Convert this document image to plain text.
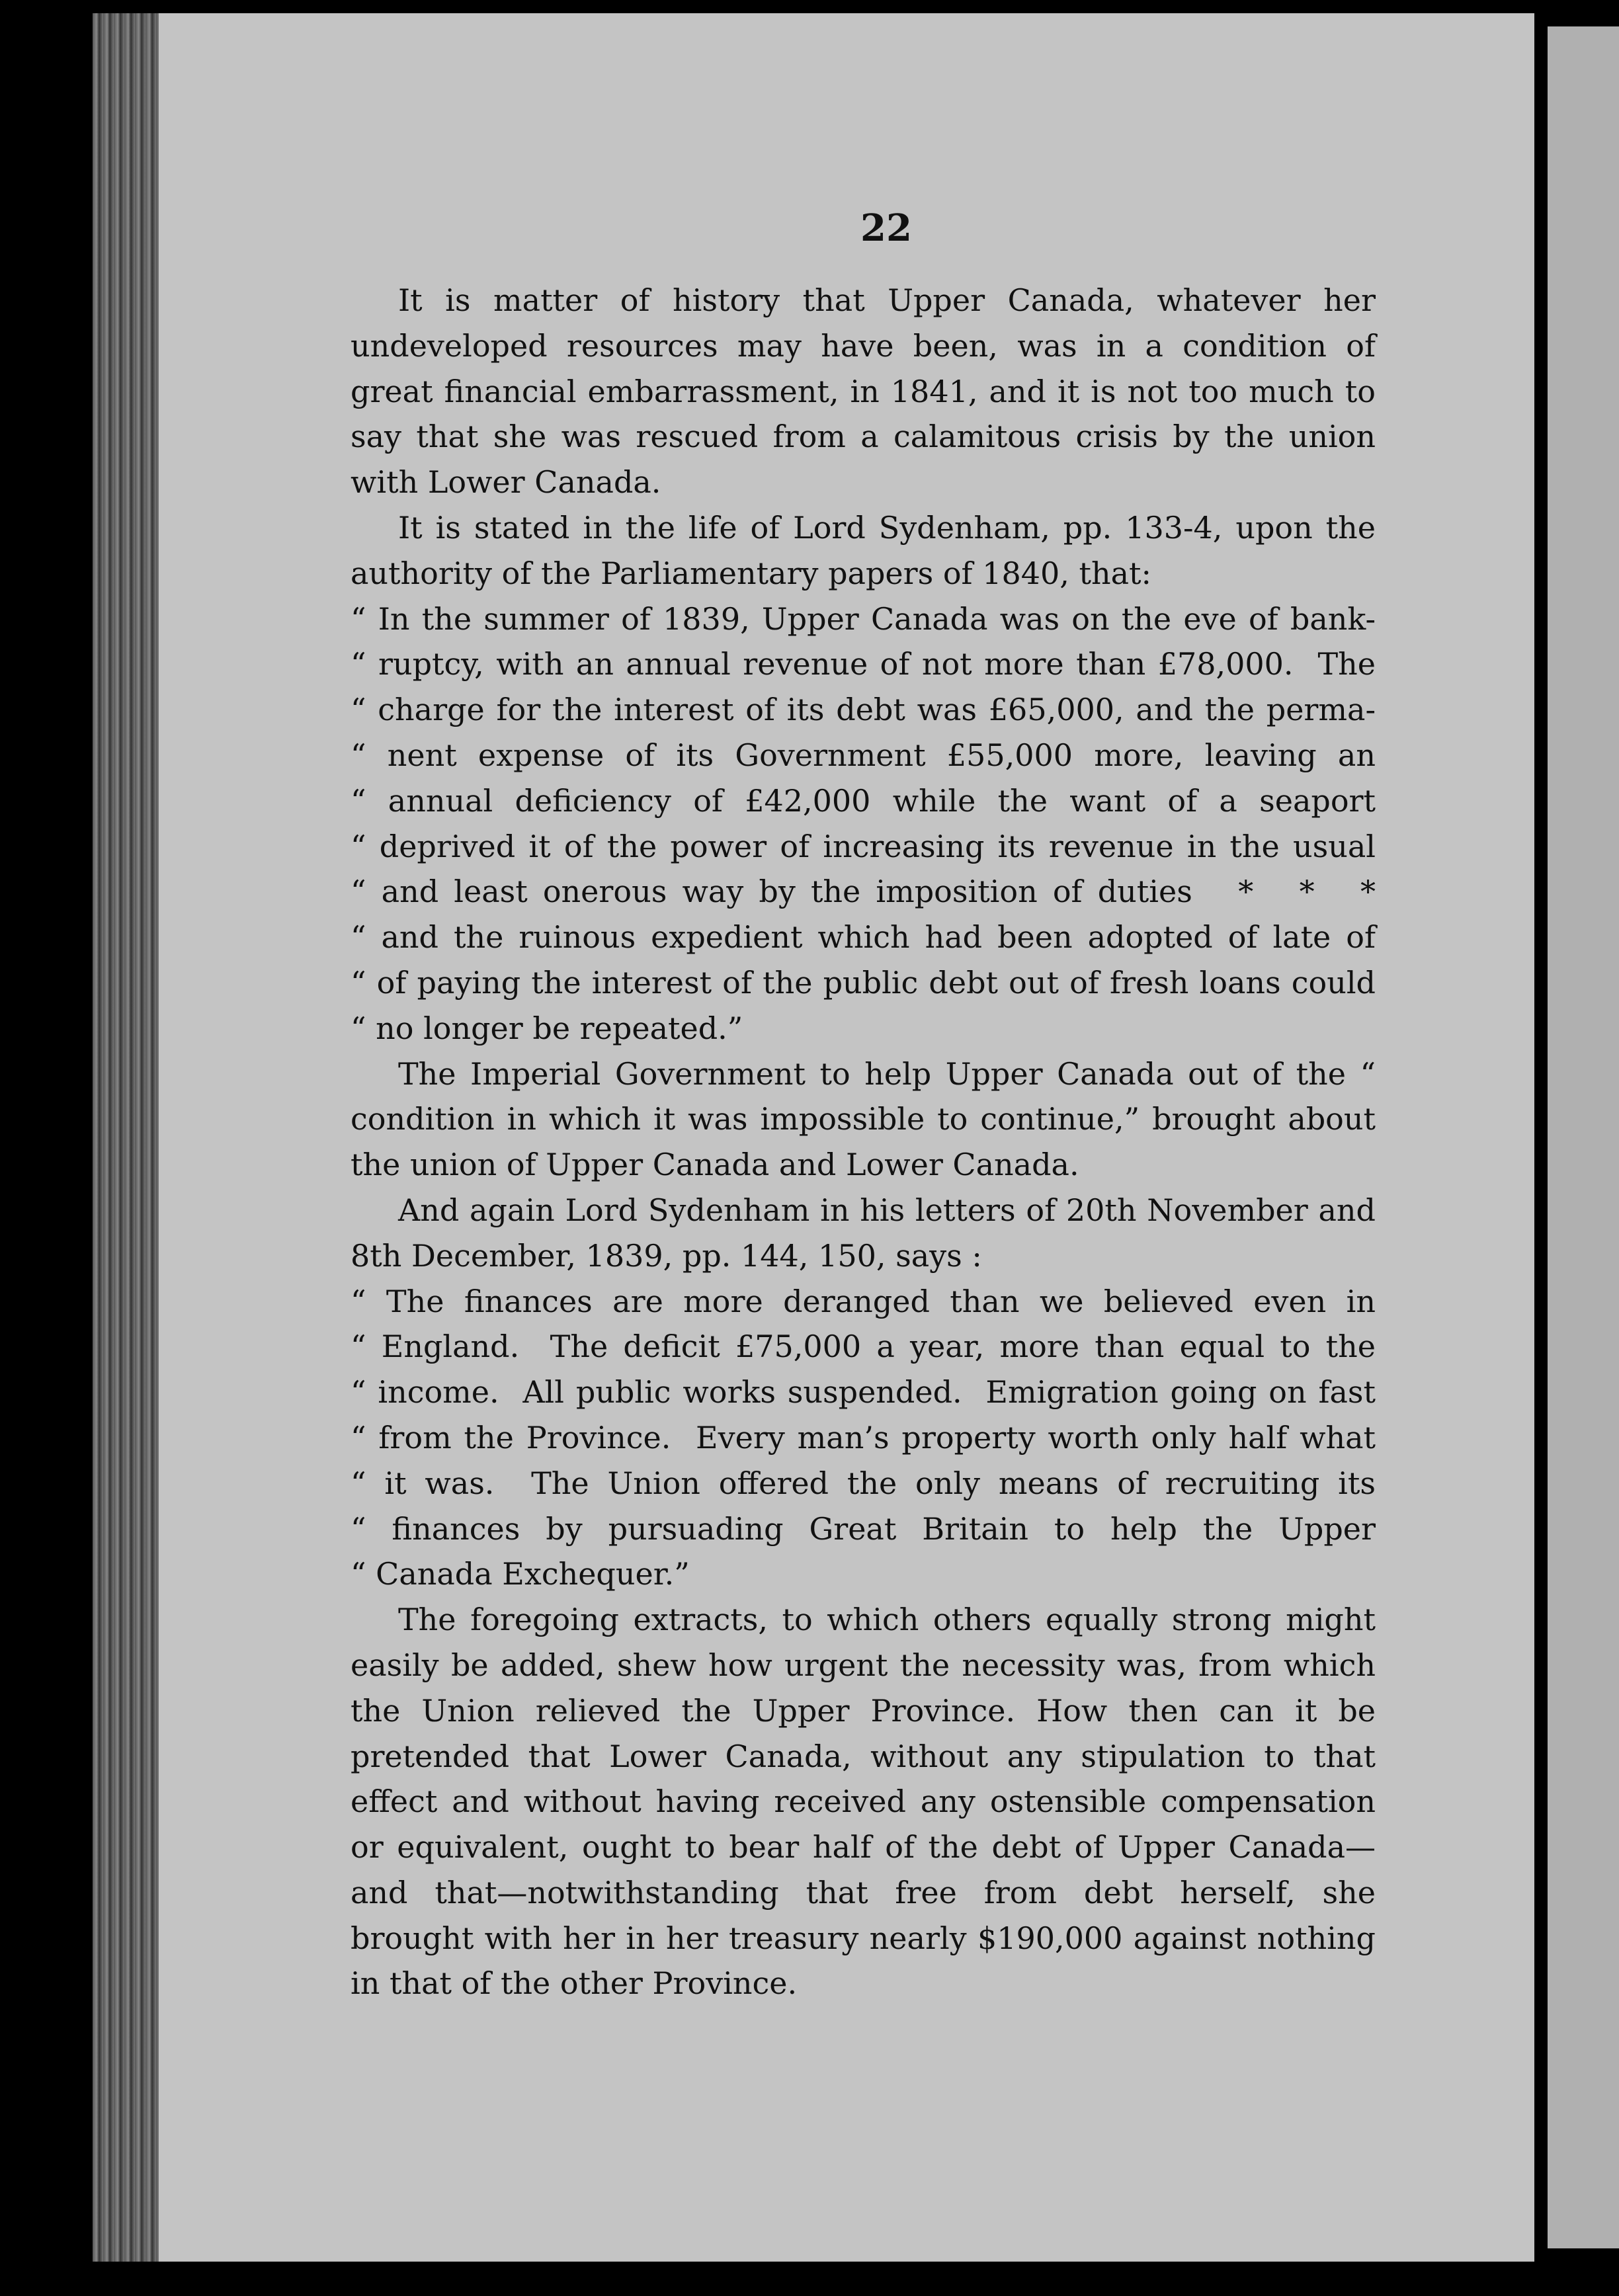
22

It is matter of history that Upper Canada, whatever her undeveloped resources may have been, was in a condition of great financial embarrassment, in 1841, and it is not too much to say that she was rescued from a calamitous crisis by the union with Lower Canada.

It is stated in the life of Lord Sydenham, pp. 133-4, upon the authority of the Parliamentary papers of 1840, that:

“ In the summer of 1839, Upper Canada was on the eve of bank-
“ ruptcy, with an annual revenue of not more than £78,000.  The
“ charge for the interest of its debt was £65,000, and the perma-
“ nent expense of its Government £55,000 more, leaving an
“ annual deficiency of £42,000 while the want of a seaport
“ deprived it of the power of increasing its revenue in the usual
“ and least onerous way by the imposition of duties   *   *   *
“ and the ruinous expedient which had been adopted of late of
“ of paying the interest of the public debt out of fresh loans could
“ no longer be repeated.”

The Imperial Government to help Upper Canada out of the “ condition in which it was impossible to continue,” brought about the union of Upper Canada and Lower Canada.

And again Lord Sydenham in his letters of 20th November and 8th December, 1839, pp. 144, 150, says :

“ The finances are more deranged than we believed even in
“ England.  The deficit £75,000 a year, more than equal to the
“ income.  All public works suspended.  Emigration going on fast
“ from the Province.  Every man’s property worth only half what
“ it was.  The Union offered the only means of recruiting its
“ finances by pursuading Great Britain to help the Upper
“ Canada Exchequer.”

The foregoing extracts, to which others equally strong might easily be added, shew how urgent the necessity was, from which the Union relieved the Upper Province. How then can it be pretended that Lower Canada, without any stipulation to that effect and without having received any ostensible compensation or equivalent, ought to bear half of the debt of Upper Canada—and that—notwithstanding that free from debt herself, she brought with her in her treasury nearly $190,000 against nothing in that of the other Province.
